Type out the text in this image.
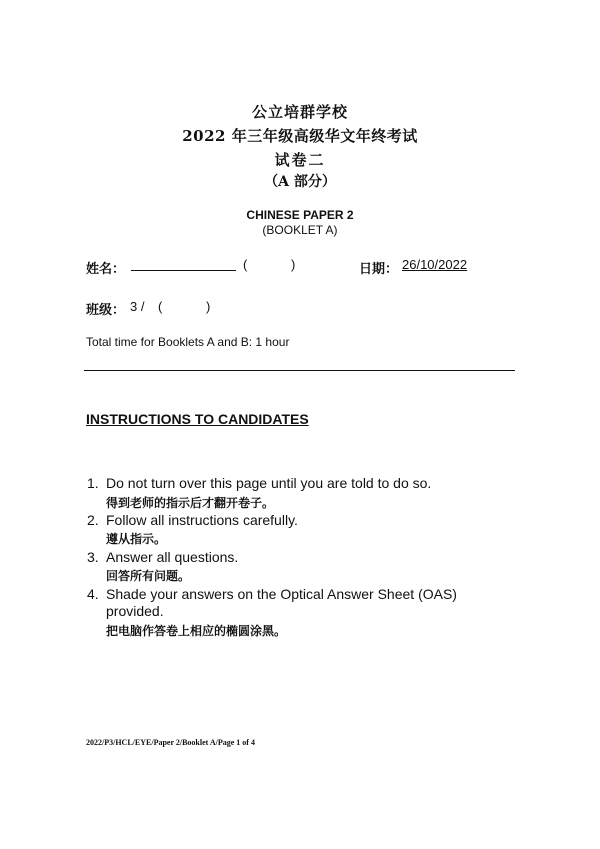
公立培群学校
2022 年三年级高级华文年终考试
试卷二
（A 部分）
CHINESE PAPER 2
(BOOKLET A)
姓名：	( )	日期： 26/10/2022
班级： 3 / ( )
Total time for Booklets A and B: 1 hour
INSTRUCTIONS TO CANDIDATES
1. Do not turn over this page until you are told to do so.
得到老师的指示后才翻开卷子。
2. Follow all instructions carefully.
遵从指示。
3. Answer all questions.
回答所有问题。
4. Shade your answers on the Optical Answer Sheet (OAS)
provided.
把电脑作答卷上相应的椭圆涂黑。
2022/P3/HCL/EYE/Paper 2/Booklet A/Page 1 of 4
